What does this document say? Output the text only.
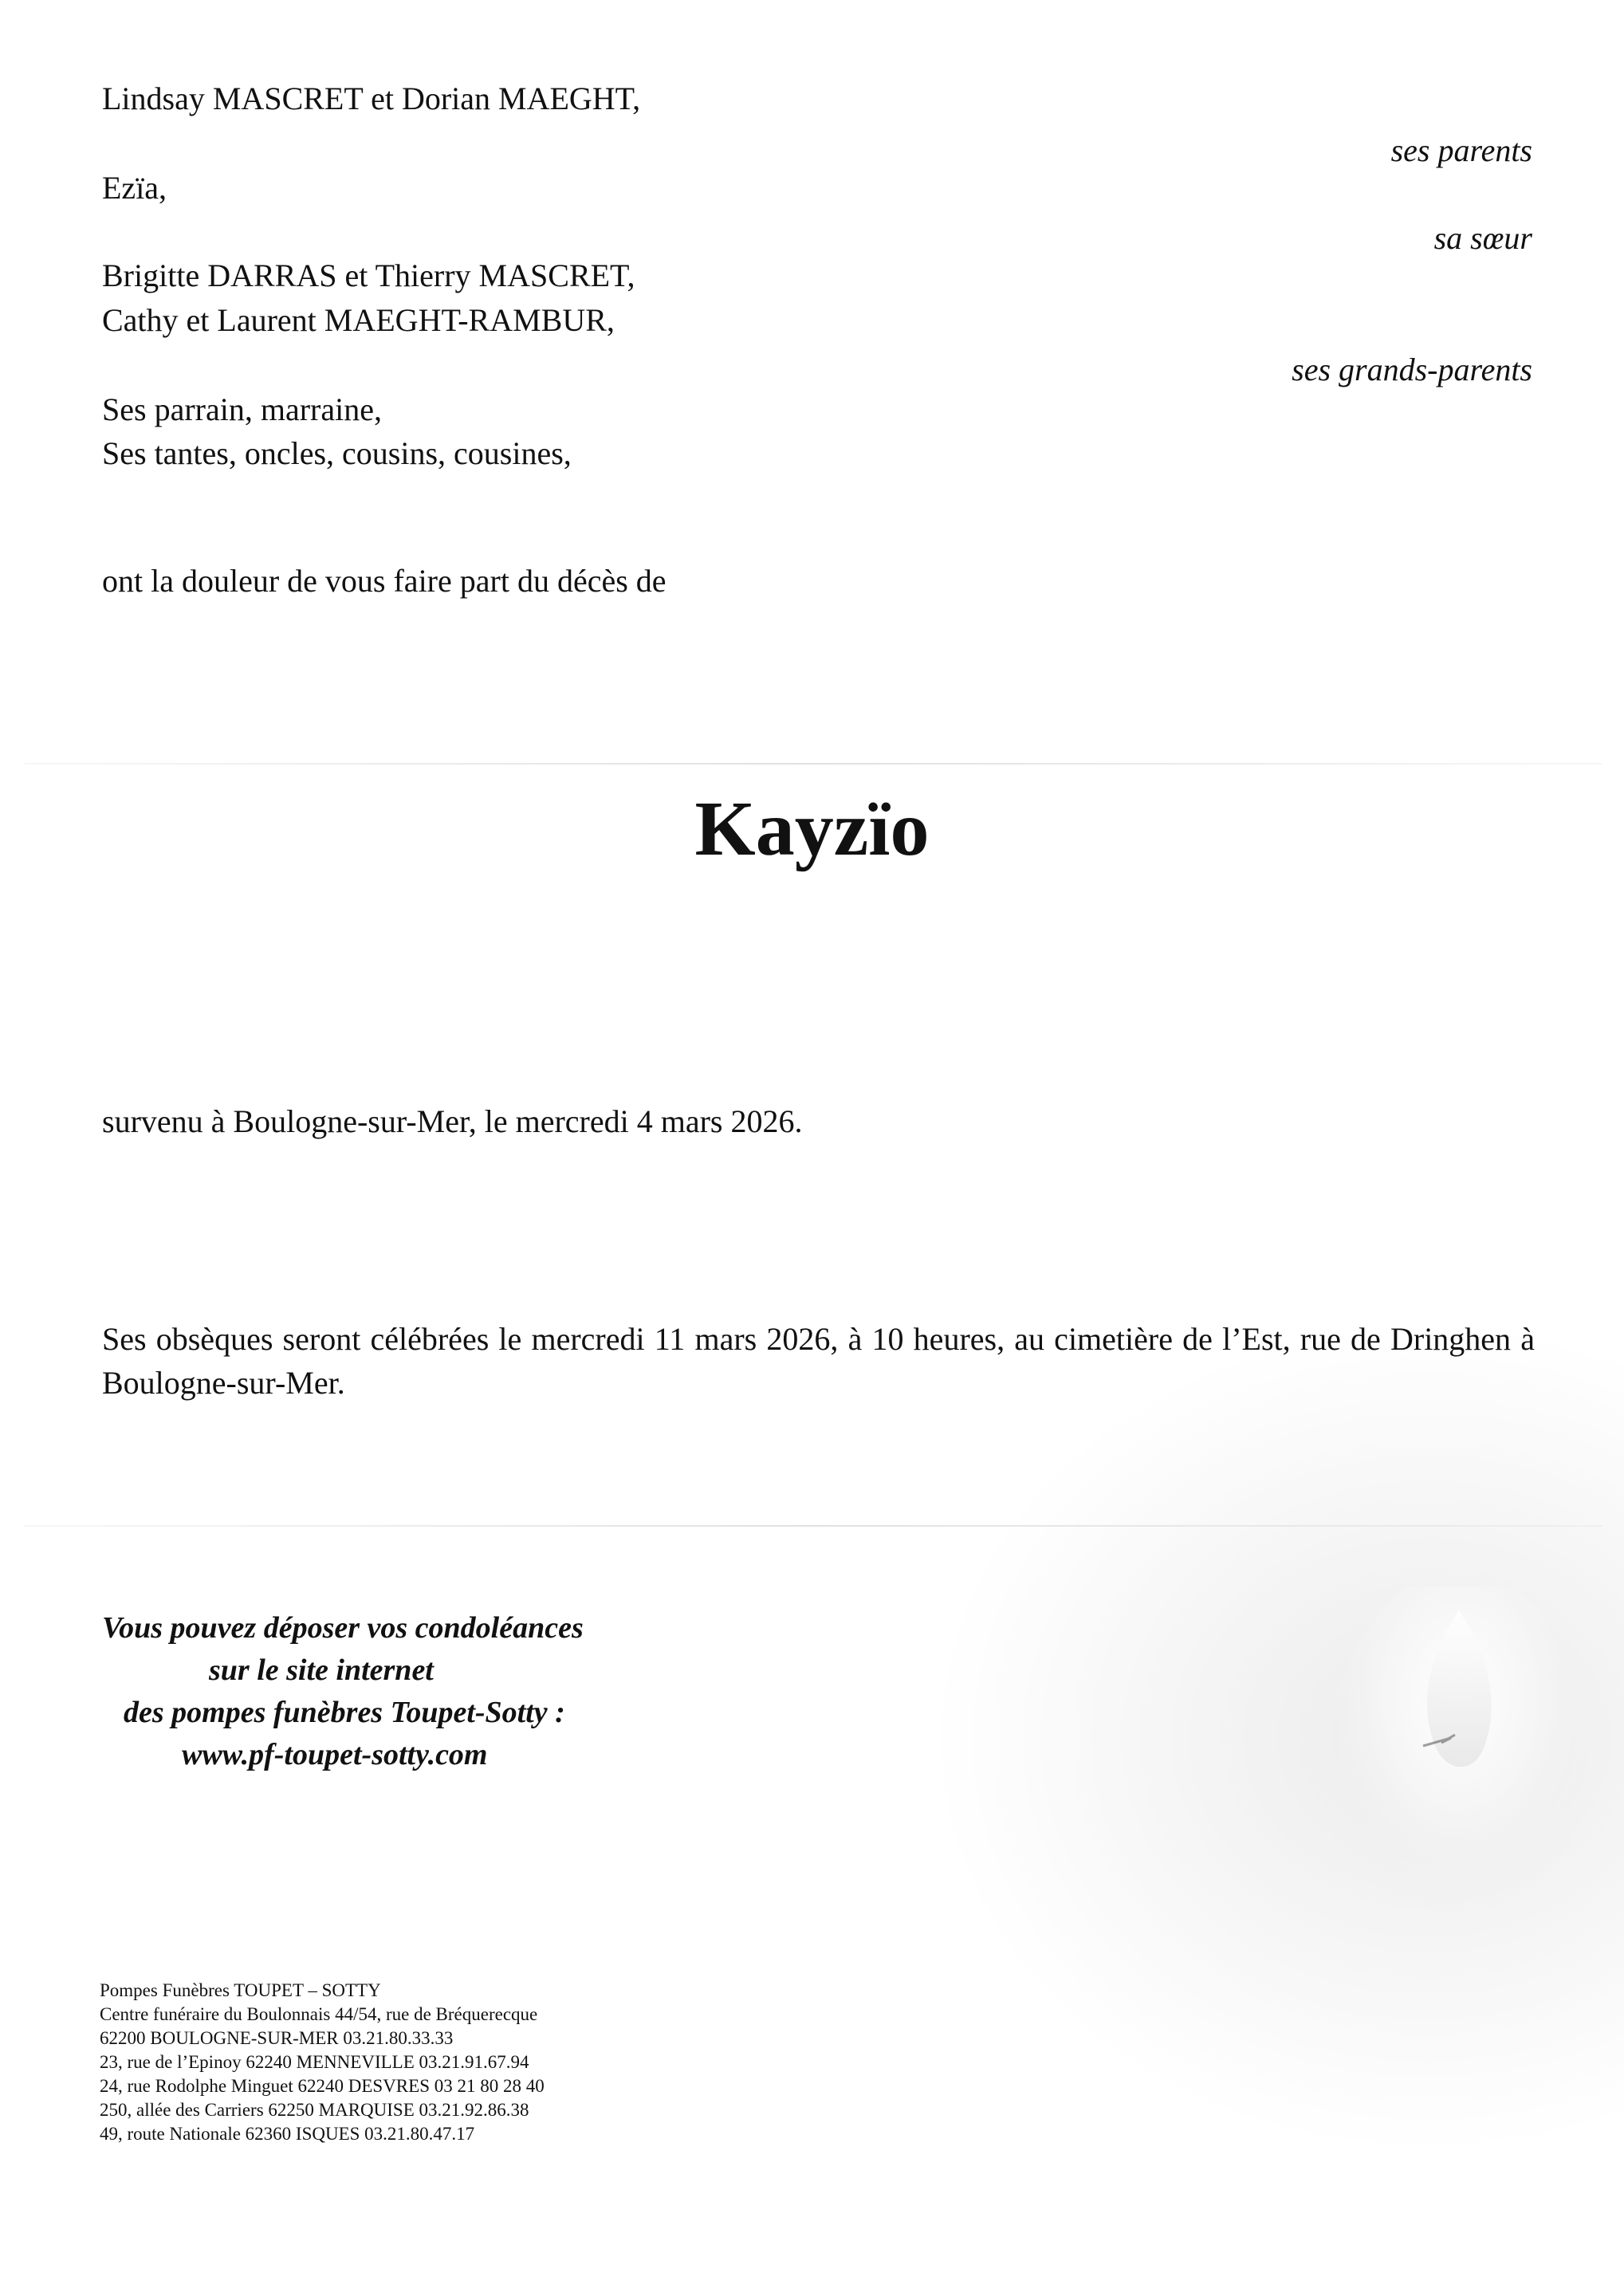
Lindsay MASCRET et Dorian MAEGHT,
Ezïa,
Brigitte DARRAS et Thierry MASCRET,
Cathy et Laurent MAEGHT-RAMBUR,
Ses parrain, marraine,
Ses tantes, oncles, cousins, cousines,
ses parents
sa sœur
ses grands-parents
ont la douleur de vous faire part du décès de
Kayzïo
survenu à Boulogne-sur-Mer, le mercredi 4 mars 2026.
Ses obsèques seront célébrées le mercredi 11 mars 2026, à 10 heures, au cimetière de l’Est, rue de Dringhen à Boulogne-sur-Mer.
Vous pouvez déposer vos condoléances
sur le site internet
des pompes funèbres Toupet-Sotty :
www.pf-toupet-sotty.com
Pompes Funèbres TOUPET – SOTTY
Centre funéraire du Boulonnais 44/54, rue de Bréquerecque
62200 BOULOGNE-SUR-MER 03.21.80.33.33
23, rue de l’Epinoy 62240 MENNEVILLE 03.21.91.67.94
24, rue Rodolphe Minguet 62240 DESVRES 03 21 80 28 40
250, allée des Carriers 62250 MARQUISE 03.21.92.86.38
49, route Nationale 62360 ISQUES 03.21.80.47.17
